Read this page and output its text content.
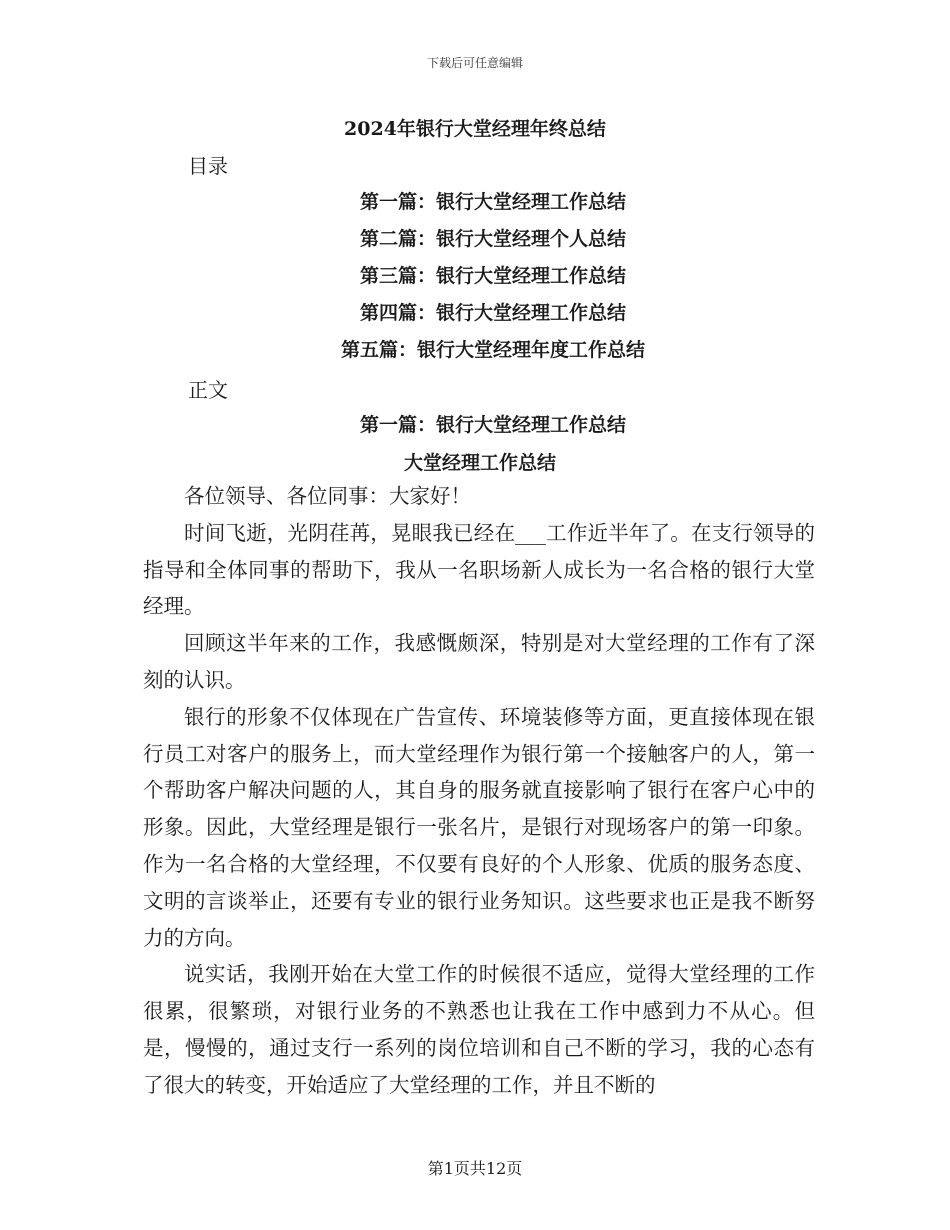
下载后可任意编辑
2024年银行大堂经理年终总结
目录
第一篇：银行大堂经理工作总结
第二篇：银行大堂经理个人总结
第三篇：银行大堂经理工作总结
第四篇：银行大堂经理工作总结
第五篇：银行大堂经理年度工作总结
正文
第一篇：银行大堂经理工作总结
大堂经理工作总结

各位领导、各位同事：大家好！

时间飞逝，光阴荏苒，晃眼我已经在___工作近半年了。在支行领导的指导和全体同事的帮助下，我从一名职场新人成长为一名合格的银行大堂经理。

回顾这半年来的工作，我感慨颇深，特别是对大堂经理的工作有了深刻的认识。

银行的形象不仅体现在广告宣传、环境装修等方面，更直接体现在银行员工对客户的服务上，而大堂经理作为银行第一个接触客户的人，第一个帮助客户解决问题的人，其自身的服务就直接影响了银行在客户心中的形象。因此，大堂经理是银行一张名片，是银行对现场客户的第一印象。作为一名合格的大堂经理，不仅要有良好的个人形象、优质的服务态度、文明的言谈举止，还要有专业的银行业务知识。这些要求也正是我不断努力的方向。

说实话，我刚开始在大堂工作的时候很不适应，觉得大堂经理的工作很累，很繁琐，对银行业务的不熟悉也让我在工作中感到力不从心。但是，慢慢的，通过支行一系列的岗位培训和自己不断的学习，我的心态有了很大的转变，开始适应了大堂经理的工作，并且不断的

第1页共12页
